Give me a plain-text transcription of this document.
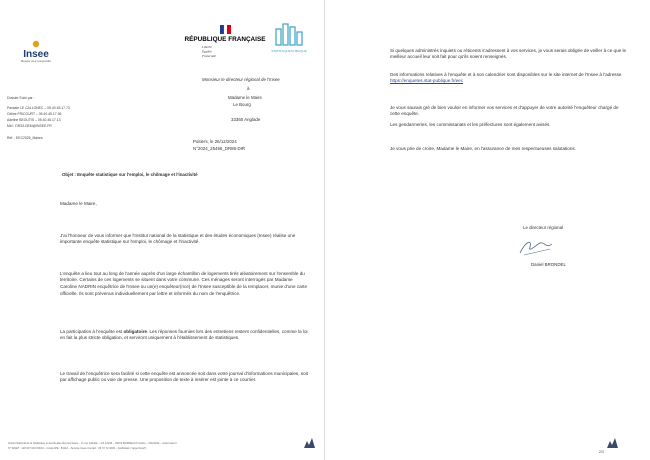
Insee
Mesurer pour comprendre
RÉPUBLIQUE FRANÇAISE
Liberté
Égalité
Fraternité
STATISTIQUE PUBLIQUE

Monsieur le directeur régional de l'Insee

à

Madame le Maire

Le Bourg

33360 Anglade

Dossier Suivi par :

Pascale LE CALLONEC – 05.40.45.17.73

Céline FRICOURT – 05.40.45.17.36

Adeline BEOUTIS – 05.40.45.17.13

Mél : DR33-DEM@INSEE.FR

Réf. : EEC2025_Maires

Poitiers, le 26/12/2024

N°2024_25456_DR86-DIR

Objet : Enquête statistique sur l'emploi, le chômage et l'inactivité

Madame le Maire,

J'ai l'honneur de vous informer que l'Institut national de la statistique et des études économiques (Insee) réalise une importante enquête statistique sur l'emploi, le chômage et l'inactivité.

L'enquête a lieu tout au long de l'année auprès d'un large échantillon de logements tirés aléatoirement sur l'ensemble du territoire. Certains de ces logements se situent dans votre commune. Ces ménages seront interrogés par Madame Caroline NADRIN enquêtrice de l'Insee ou un(e) enquêteur(rice) de l'Insee susceptible de la remplacer, munie d'une carte officielle. Ils sont prévenus individuellement par lettre et informés du nom de l'enquêtrice.

La participation à l'enquête est obligatoire. Les réponses fournies lors des entretiens restent confidentielles, comme la loi en fait la plus stricte obligation, et serviront uniquement à l'établissement de statistiques.

Le travail de l'enquêtrice sera facilité si cette enquête est annoncée soit dans votre journal d'informations municipales, soit par affichage public ou voie de presse. Une proposition de texte à insérer est jointe à ce courrier.

Institut National de la Statistique et des Études Économiques – 11 rue Isabelle – CS 12233 – 33072 BORDEAUX Cedex – FRANCE – www.insee.fr

N° SIRET : 120 027 016 00013 – Code APE : 8411Z – Service Insee Contact : 09 72 72 4000 – (tarification "appel local")

Si quelques administrés inquiets ou réticents s'adressent à vos services, je vous serais obligée de veiller à ce que le meilleur accueil leur soit fait pour qu'ils soient renseignés.

Des informations relatives à l'enquête et à son calendrier sont disponibles sur le site internet de l'Insee à l'adresse https://enquetes.stat-publique.fr/eec

Je vous saurais gré de bien vouloir en informer vos services et d'appuyer de votre autorité l'enquêteur chargé de cette enquête.

Les gendarmeries, les commissariats et les préfectures sont également avisés.

Je vous prie de croire, Madame le Maire, en l'assurance de mes respectueuses salutations.

Le directeur régional

Daniel BRONDEL

2/3
